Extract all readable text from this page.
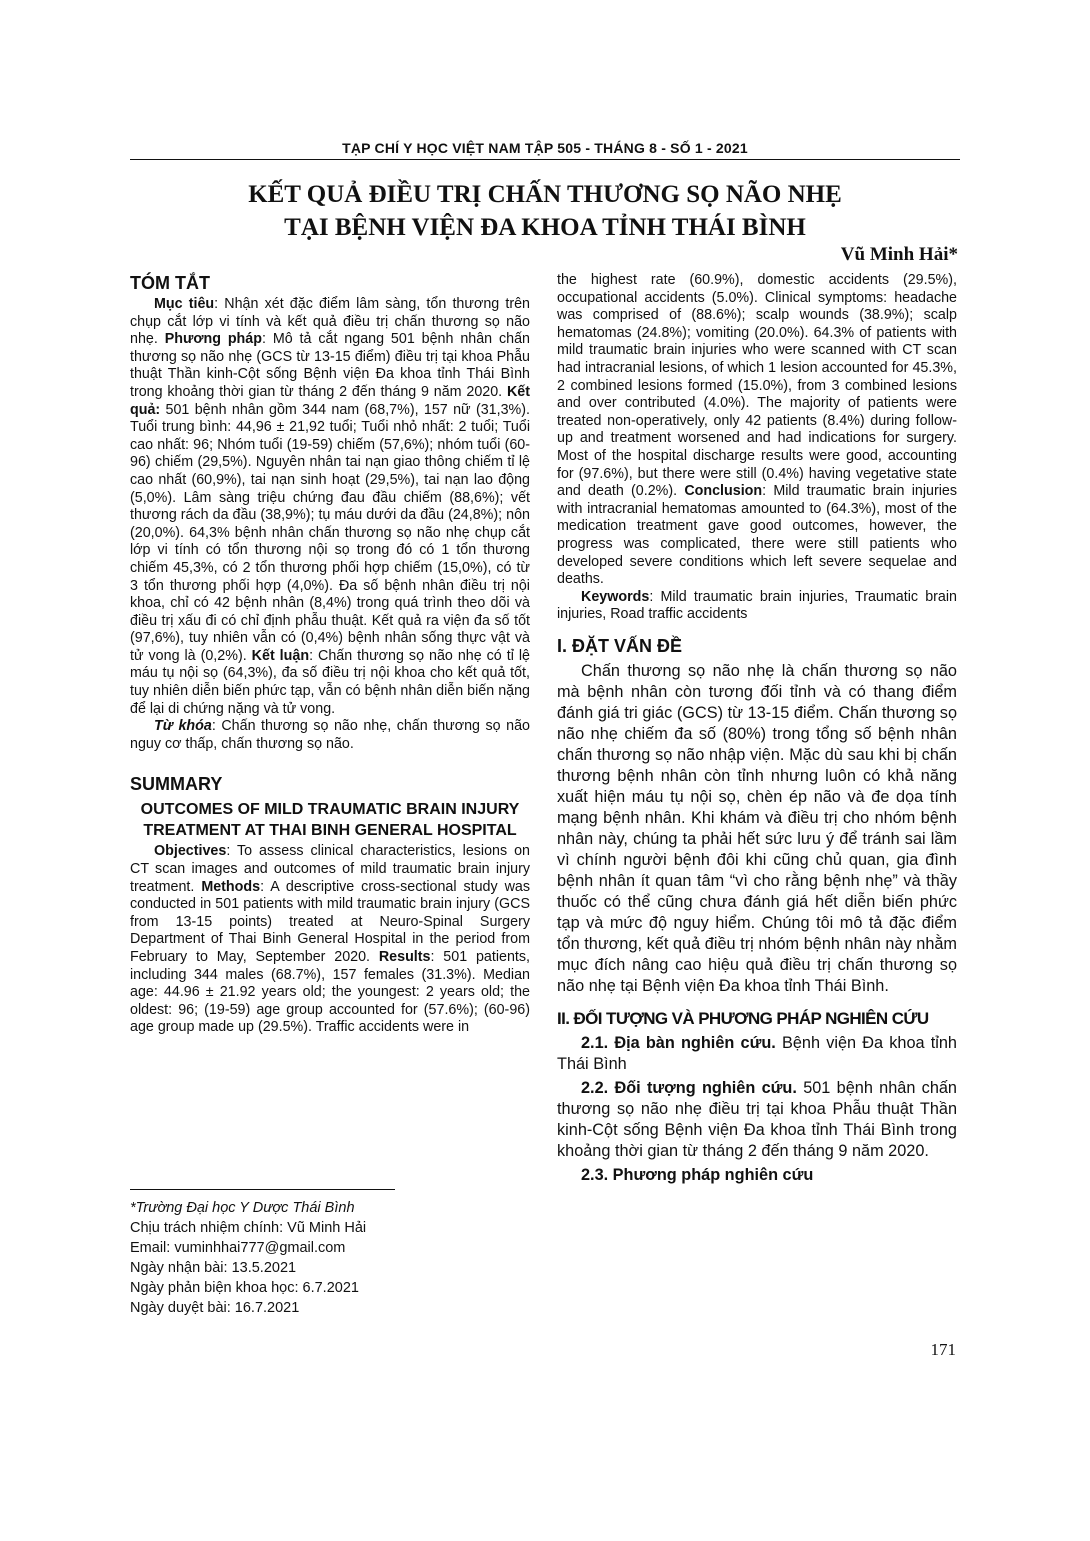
TẠP CHÍ Y HỌC VIỆT NAM TẬP 505 - THÁNG 8 - SỐ 1 - 2021
KẾT QUẢ ĐIỀU TRỊ CHẤN THƯƠNG SỌ NÃO NHẸ
TẠI BỆNH VIỆN ĐA KHOA TỈNH THÁI BÌNH

Vũ Minh Hải*

TÓM TẮT

Mục tiêu: Nhận xét đặc điểm lâm sàng, tổn thương trên chụp cắt lớp vi tính và kết quả điều trị chấn thương sọ não nhẹ. Phương pháp: Mô tả cắt ngang 501 bệnh nhân chấn thương sọ não nhẹ (GCS từ 13-15 điểm) điều trị tại khoa Phẫu thuật Thần kinh-Cột sống Bệnh viện Đa khoa tỉnh Thái Bình trong khoảng thời gian từ tháng 2 đến tháng 9 năm 2020. Kết quả: 501 bệnh nhân gồm 344 nam (68,7%), 157 nữ (31,3%). Tuổi trung bình: 44,96 ± 21,92 tuổi; Tuổi nhỏ nhất: 2 tuổi; Tuổi cao nhất: 96; Nhóm tuổi (19-59) chiếm (57,6%); nhóm tuổi (60-96) chiếm (29,5%). Nguyên nhân tai nạn giao thông chiếm tỉ lệ cao nhất (60,9%), tai nạn sinh hoạt (29,5%), tai nạn lao động (5,0%). Lâm sàng triệu chứng đau đầu chiếm (88,6%); vết thương rách da đầu (38,9%); tụ máu dưới da đầu (24,8%); nôn (20,0%). 64,3% bệnh nhân chấn thương sọ não nhẹ chụp cắt lớp vi tính có tổn thương nội sọ trong đó có 1 tổn thương chiếm 45,3%, có 2 tổn thương phối hợp chiếm (15,0%), có từ 3 tổn thương phối hợp (4,0%). Đa số bệnh nhân điều trị nội khoa, chỉ có 42 bệnh nhân (8,4%) trong quá trình theo dõi và điều trị xấu đi có chỉ định phẫu thuật. Kết quả ra viện đa số tốt (97,6%), tuy nhiên vẫn có (0,4%) bệnh nhân sống thực vật và tử vong là (0,2%). Kết luận: Chấn thương sọ não nhẹ có tỉ lệ máu tụ nội sọ (64,3%), đa số điều trị nội khoa cho kết quả tốt, tuy nhiên diễn biến phức tạp, vẫn có bệnh nhân diễn biến nặng để lại di chứng nặng và tử vong.

Từ khóa: Chấn thương sọ não nhẹ, chấn thương sọ não nguy cơ thấp, chấn thương sọ não.

SUMMARY
OUTCOMES OF MILD TRAUMATIC BRAIN INJURY TREATMENT AT THAI BINH GENERAL HOSPITAL

Objectives: To assess clinical characteristics, lesions on CT scan images and outcomes of mild traumatic brain injury treatment. Methods: A descriptive cross-sectional study was conducted in 501 patients with mild traumatic brain injury (GCS from 13-15 points) treated at Neuro-Spinal Surgery Department of Thai Binh General Hospital in the period from February to May, September 2020. Results: 501 patients, including 344 males (68.7%), 157 females (31.3%). Median age: 44.96 ± 21.92 years old; the youngest: 2 years old; the oldest: 96; (19-59) age group accounted for (57.6%); (60-96) age group made up (29.5%). Traffic accidents were in

the highest rate (60.9%), domestic accidents (29.5%), occupational accidents (5.0%). Clinical symptoms: headache was comprised of (88.6%); scalp wounds (38.9%); scalp hematomas (24.8%); vomiting (20.0%). 64.3% of patients with mild traumatic brain injuries who were scanned with CT scan had intracranial lesions, of which 1 lesion accounted for 45.3%, 2 combined lesions formed (15.0%), from 3 combined lesions and over contributed (4.0%). The majority of patients were treated non-operatively, only 42 patients (8.4%) during follow-up and treatment worsened and had indications for surgery. Most of the hospital discharge results were good, accounting for (97.6%), but there were still (0.4%) having vegetative state and death (0.2%). Conclusion: Mild traumatic brain injuries with intracranial hematomas amounted to (64.3%), most of the medication treatment gave good outcomes, however, the progress was complicated, there were still patients who developed severe conditions which left severe sequelae and deaths.

Keywords: Mild traumatic brain injuries, Traumatic brain injuries, Road traffic accidents

I. ĐẶT VẤN ĐỀ

Chấn thương sọ não nhẹ là chấn thương sọ não mà bệnh nhân còn tương đối tỉnh và có thang điểm đánh giá tri giác (GCS) từ 13-15 điểm. Chấn thương sọ não nhẹ chiếm đa số (80%) trong tổng số bệnh nhân chấn thương sọ não nhập viện. Mặc dù sau khi bị chấn thương bệnh nhân còn tỉnh nhưng luôn có khả năng xuất hiện máu tụ nội sọ, chèn ép não và đe dọa tính mạng bệnh nhân. Khi khám và điều trị cho nhóm bệnh nhân này, chúng ta phải hết sức lưu ý để tránh sai lầm vì chính người bệnh đôi khi cũng chủ quan, gia đình bệnh nhân ít quan tâm “vì cho rằng bệnh nhẹ” và thầy thuốc có thể cũng chưa đánh giá hết diễn biến phức tạp và mức độ nguy hiểm. Chúng tôi mô tả đặc điểm tổn thương, kết quả điều trị nhóm bệnh nhân này nhằm mục đích nâng cao hiệu quả điều trị chấn thương sọ não nhẹ tại Bệnh viện Đa khoa tỉnh Thái Bình.

II. ĐỐI TƯỢNG VÀ PHƯƠNG PHÁP NGHIÊN CỨU

2.1. Địa bàn nghiên cứu. Bệnh viện Đa khoa tỉnh Thái Bình

2.2. Đối tượng nghiên cứu. 501 bệnh nhân chấn thương sọ não nhẹ điều trị tại khoa Phẫu thuật Thần kinh-Cột sống Bệnh viện Đa khoa tỉnh Thái Bình trong khoảng thời gian từ tháng 2 đến tháng 9 năm 2020.

2.3. Phương pháp nghiên cứu

*Trường Đại học Y Dược Thái Bình

Chịu trách nhiệm chính: Vũ Minh Hải

Email: vuminhhai777@gmail.com

Ngày nhận bài: 13.5.2021

Ngày phản biện khoa học: 6.7.2021

Ngày duyệt bài: 16.7.2021

171
